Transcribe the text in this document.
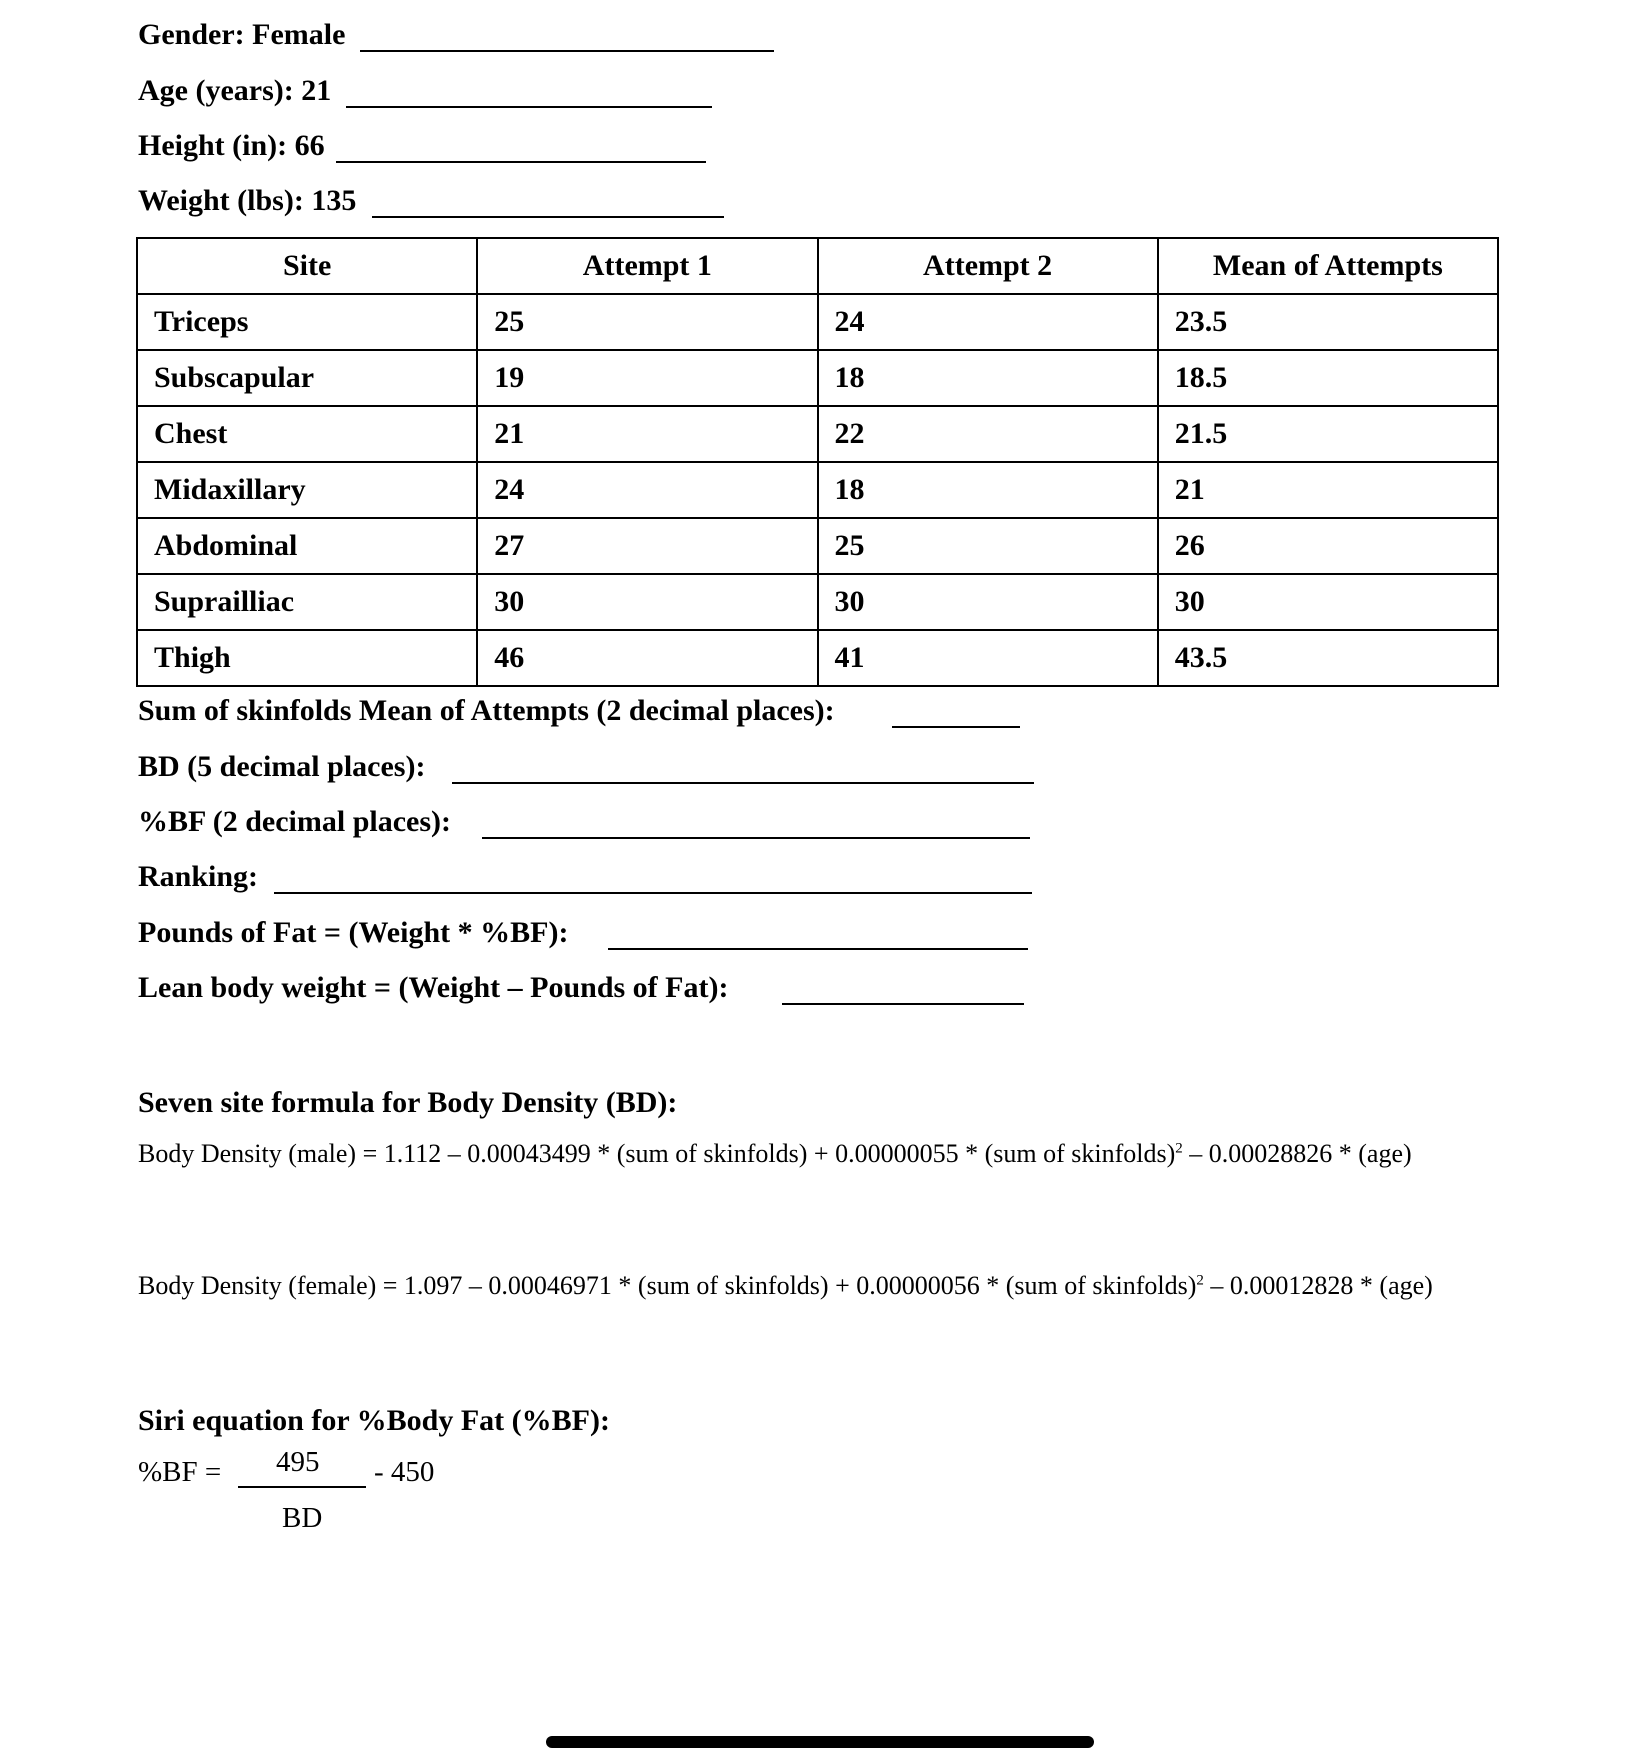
Gender: Female
Age (years): 21
Height (in): 66
Weight (lbs): 135
Site	Attempt 1	Attempt 2	Mean of Attempts
Triceps	25	24	23.5
Subscapular	19	18	18.5
Chest	21	22	21.5
Midaxillary	24	18	21
Abdominal	27	25	26
Suprailliac	30	30	30
Thigh	46	41	43.5
Sum of skinfolds Mean of Attempts (2 decimal places):
BD (5 decimal places):
%BF (2 decimal places):
Ranking:
Pounds of Fat = (Weight * %BF):
Lean body weight = (Weight – Pounds of Fat):
Seven site formula for Body Density (BD):
Body Density (male) = 1.112 – 0.00043499 * (sum of skinfolds) + 0.00000055 * (sum of skinfolds)$^2$ – 0.00028826 * (age)
Body Density (female) = 1.097 – 0.00046971 * (sum of skinfolds) + 0.00000056 * (sum of skinfolds)$^2$ – 0.00012828 * (age)
Siri equation for %Body Fat (%BF):
%BF = 495 - 450
BD
